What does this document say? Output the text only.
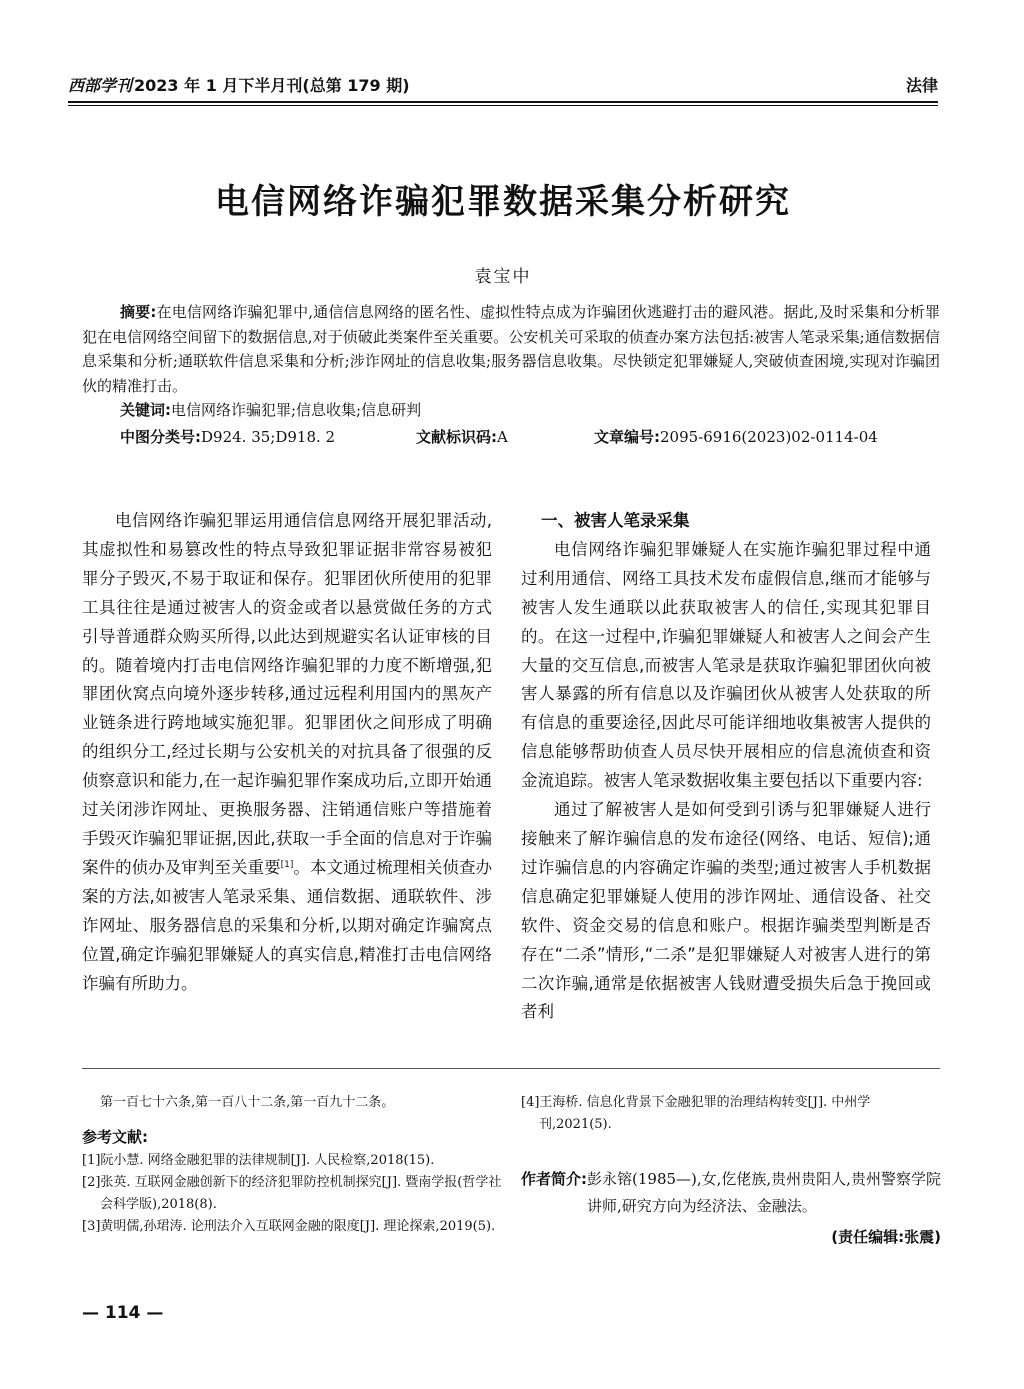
西部学刊 2023 年 1 月下半月刊(总第 179 期)	法律
电信网络诈骗犯罪数据采集分析研究
袁宝中

摘要:在电信网络诈骗犯罪中,通信信息网络的匿名性、虚拟性特点成为诈骗团伙逃避打击的避风港。据此,及时采集和分析罪犯在电信网络空间留下的数据信息,对于侦破此类案件至关重要。公安机关可采取的侦查办案方法包括:被害人笔录采集;通信数据信息采集和分析;通联软件信息采集和分析;涉诈网址的信息收集;服务器信息收集。尽快锁定犯罪嫌疑人,突破侦查困境,实现对诈骗团伙的精准打击。

关键词:电信网络诈骗犯罪;信息收集;信息研判
中图分类号:D924. 35;D918. 2	文献标识码:A	文章编号:2095-6916(2023)02-0114-04

电信网络诈骗犯罪运用通信信息网络开展犯罪活动,其虚拟性和易篡改性的特点导致犯罪证据非常容易被犯罪分子毁灭,不易于取证和保存。犯罪团伙所使用的犯罪工具往往是通过被害人的资金或者以悬赏做任务的方式引导普通群众购买所得,以此达到规避实名认证审核的目的。随着境内打击电信网络诈骗犯罪的力度不断增强,犯罪团伙窝点向境外逐步转移,通过远程利用国内的黑灰产业链条进行跨地域实施犯罪。犯罪团伙之间形成了明确的组织分工,经过长期与公安机关的对抗具备了很强的反侦察意识和能力,在一起诈骗犯罪作案成功后,立即开始通过关闭涉诈网址、更换服务器、注销通信账户等措施着手毁灭诈骗犯罪证据,因此,获取一手全面的信息对于诈骗案件的侦办及审判至关重要[1]。本文通过梳理相关侦查办案的方法,如被害人笔录采集、通信数据、通联软件、涉诈网址、服务器信息的采集和分析,以期对确定诈骗窝点位置,确定诈骗犯罪嫌疑人的真实信息,精准打击电信网络诈骗有所助力。

一、被害人笔录采集

电信网络诈骗犯罪嫌疑人在实施诈骗犯罪过程中通过利用通信、网络工具技术发布虚假信息,继而才能够与被害人发生通联以此获取被害人的信任,实现其犯罪目的。在这一过程中,诈骗犯罪嫌疑人和被害人之间会产生大量的交互信息,而被害人笔录是获取诈骗犯罪团伙向被害人暴露的所有信息以及诈骗团伙从被害人处获取的所有信息的重要途径,因此尽可能详细地收集被害人提供的信息能够帮助侦查人员尽快开展相应的信息流侦查和资金流追踪。被害人笔录数据收集主要包括以下重要内容:

通过了解被害人是如何受到引诱与犯罪嫌疑人进行接触来了解诈骗信息的发布途径(网络、电话、短信);通过诈骗信息的内容确定诈骗的类型;通过被害人手机数据信息确定犯罪嫌疑人使用的涉诈网址、通信设备、社交软件、资金交易的信息和账户。根据诈骗类型判断是否存在“二杀”情形,“二杀”是犯罪嫌疑人对被害人进行的第二次诈骗,通常是依据被害人钱财遭受损失后急于挽回或者利

第一百七十六条,第一百八十二条,第一百九十二条。

参考文献:

[1]阮小慧. 网络金融犯罪的法律规制[J]. 人民检察,2018(15).

[2]张英. 互联网金融创新下的经济犯罪防控机制探究[J]. 暨南学报(哲学社会科学版),2018(8).

[3]黄明儒,孙珺涛. 论刑法介入互联网金融的限度[J]. 理论探索,2019(5).

[4]王海桥. 信息化背景下金融犯罪的治理结构转变[J]. 中州学刊,2021(5).

作者简介: 彭永镕(1985—),女,仡佬族,贵州贵阳人,贵州警察学院讲师,研究方向为经济法、金融法。
(责任编辑:张震)
— 114 —
